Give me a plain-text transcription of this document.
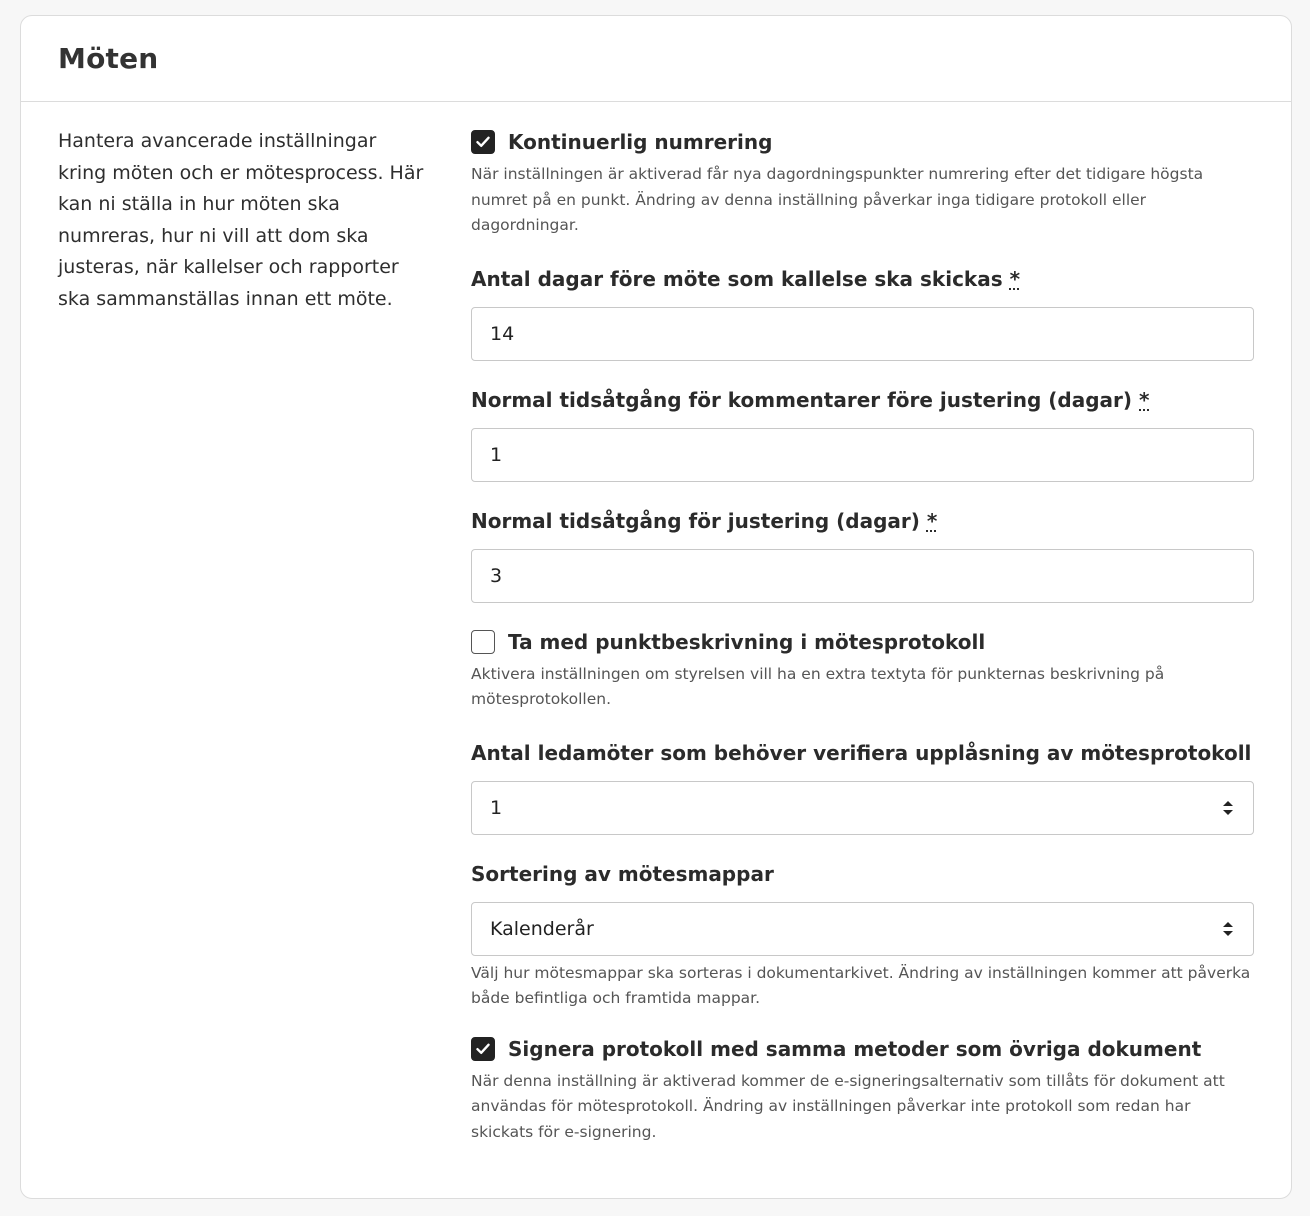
Möten

Hantera avancerade inställningar kring möten och er mötesprocess. Här kan ni ställa in hur möten ska numreras, hur ni vill att dom ska justeras, när kallelser och rapporter ska sammanställas innan ett möte.

Kontinuerlig numrering

När inställningen är aktiverad får nya dagordningspunkter numrering efter det tidigare högsta numret på en punkt. Ändring av denna inställning påverkar inga tidigare protokoll eller dagordningar.

Antal dagar före möte som kallelse ska skickas *
14
Normal tidsåtgång för kommentarer före justering (dagar) *
1
Normal tidsåtgång för justering (dagar) *
3
Ta med punktbeskrivning i mötesprotokoll

Aktivera inställningen om styrelsen vill ha en extra textyta för punkternas beskrivning på mötesprotokollen.

Antal ledamöter som behöver verifiera upplåsning av mötesprotokoll
1
Sortering av mötesmappar
Kalenderår

Välj hur mötesmappar ska sorteras i dokumentarkivet. Ändring av inställningen kommer att påverka både befintliga och framtida mappar.

Signera protokoll med samma metoder som övriga dokument

När denna inställning är aktiverad kommer de e-signeringsalternativ som tillåts för dokument att användas för mötesprotokoll. Ändring av inställningen påverkar inte protokoll som redan har skickats för e-signering.
